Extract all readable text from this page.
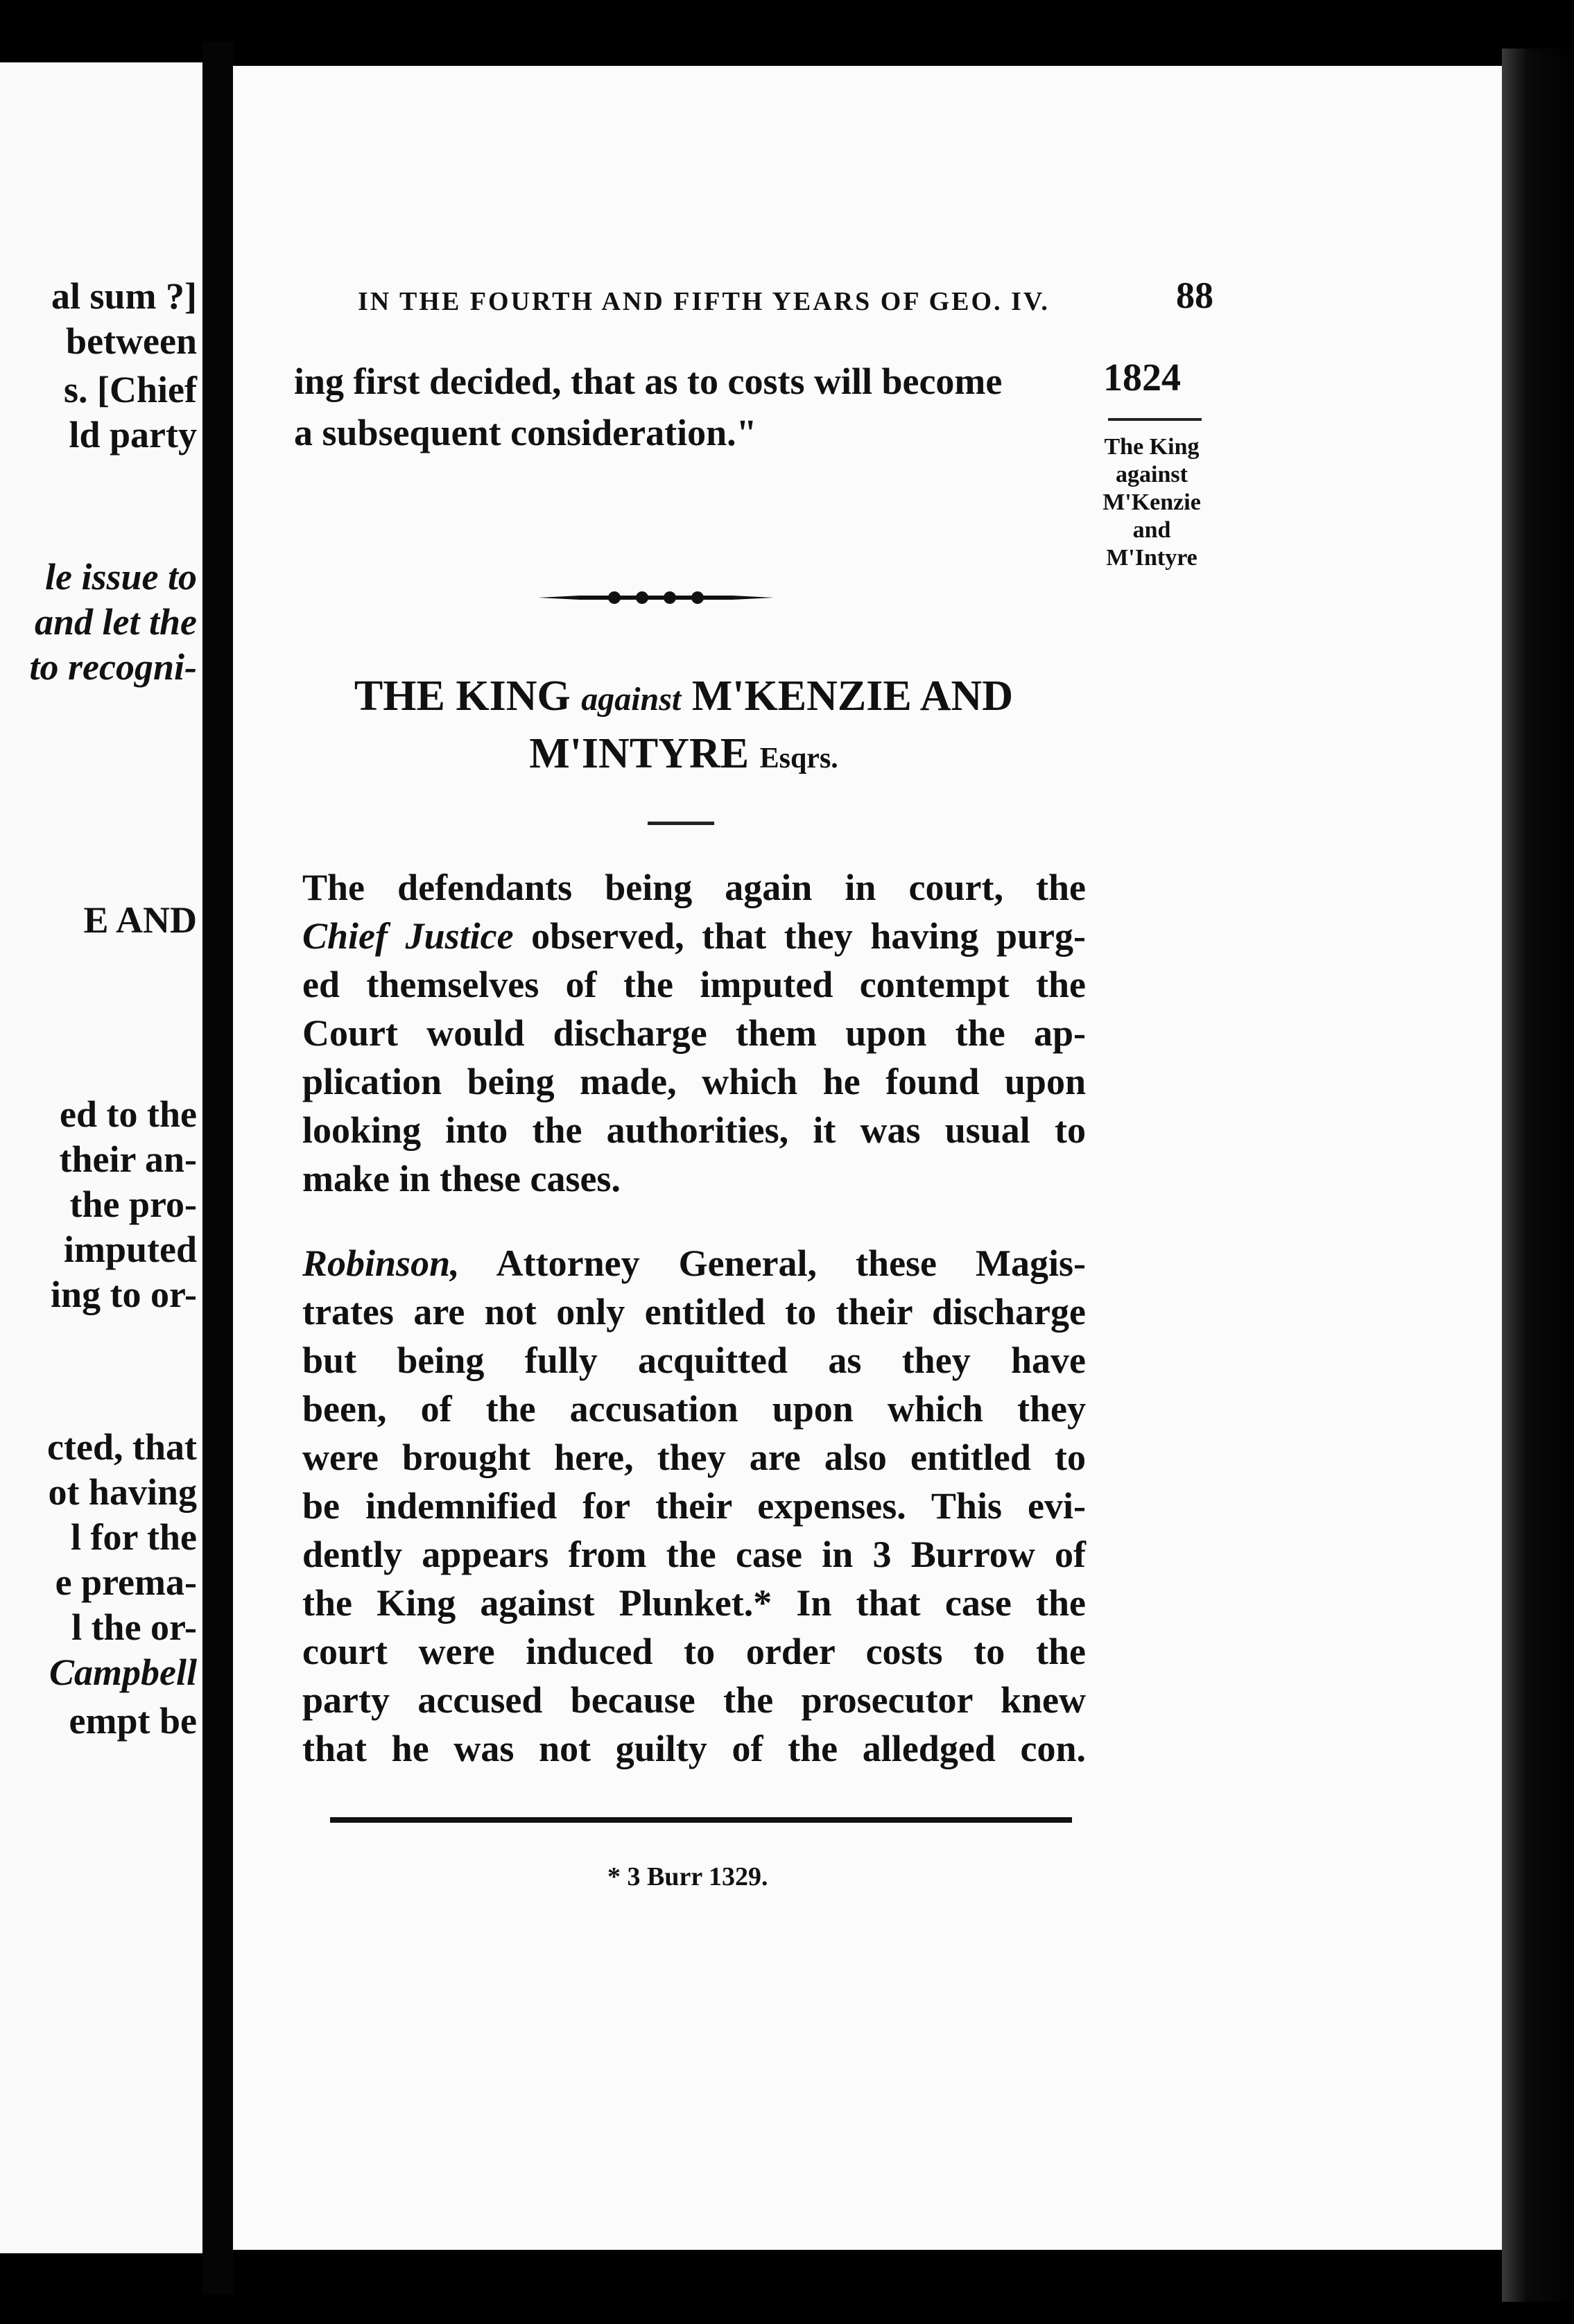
al sum ?]
between
s. [Chief
ld party
le issue to
and let the
to recogni-
E AND
ed to the
their an-
the pro-
imputed
ing to or-
cted, that
ot having
l for the
e prema-
l the or-
Campbell
empt be
IN THE FOURTH AND FIFTH YEARS OF GEO. IV.	88
ing first decided, that as to costs will become
a subsequent consideration."
1824
The King
against
M'Kenzie
and
M'Intyre
THE KING against M'KENZIE AND
M'INTYRE Esqrs.
The defendants being again in court, the
Chief Justice observed, that they having purg-
ed themselves of the imputed contempt the
Court would discharge them upon the ap-
plication being made, which he found upon
looking into the authorities, it was usual to
make in these cases.
Robinson, Attorney General, these Magis-
trates are not only entitled to their discharge
but being fully acquitted as they have
been, of the accusation upon which they
were brought here, they are also entitled to
be indemnified for their expenses. This evi-
dently appears from the case in 3 Burrow of
the King against Plunket.* In that case the
court were induced to order costs to the
party accused because the prosecutor knew
that he was not guilty of the alledged con.
* 3 Burr 1329.
